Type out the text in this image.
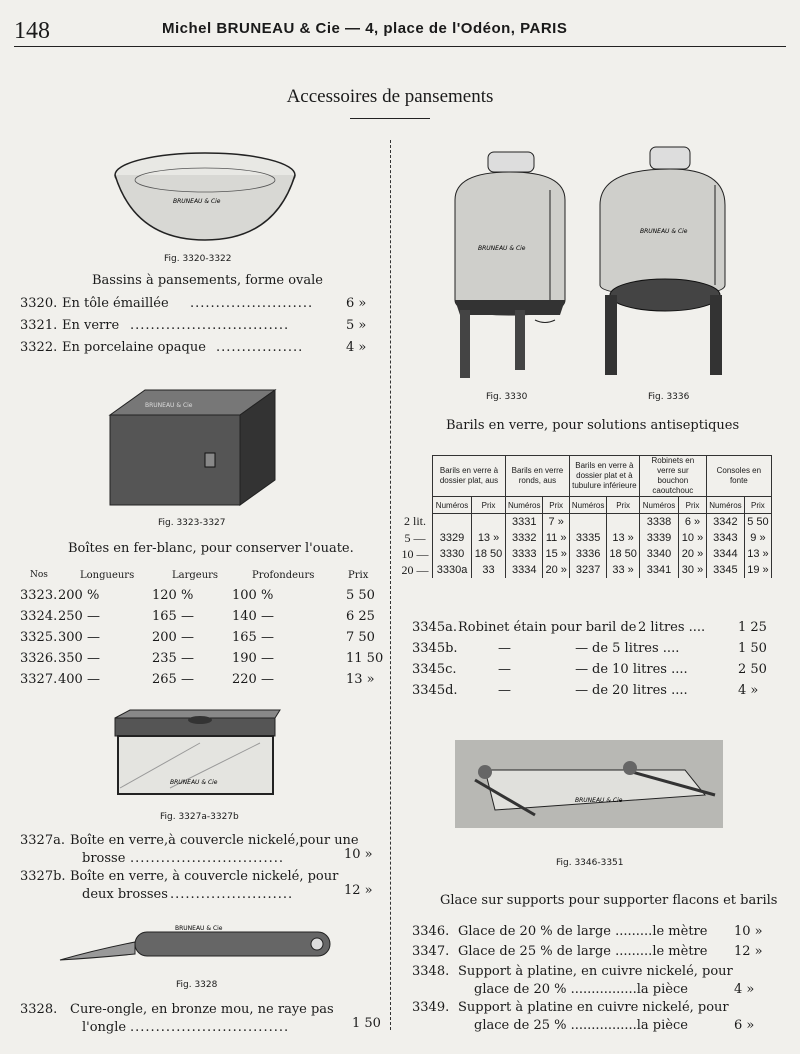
148	Michel BRUNEAU & Cie — 4, place de l'Odéon, PARIS
Accessoires de pansements
BRUNEAU & Cie
Fig. 3320-3322
Bassins à pansements, forme ovale
3320. En tôle émaillée ........................	6 »
3321. En verre ...............................	5 »
3322. En porcelaine opaque .................	4 »
BRUNEAU & Cie
Fig. 3323-3327
Boîtes en fer-blanc, pour conserver l'ouate.
Nos	Longueurs	Largeurs	Profondeurs	Prix
3323. 200 %	120 %	100 %	5 50
3324. 250 —	165 —	140 —	6 25
3325. 300 —	200 —	165 —	7 50
3326. 350 —	235 —	190 —	11 50
3327. 400 —	265 —	220 —	13 »
BRUNEAU & Cie
Fig. 3327a-3327b
3327a. Boîte en verre,à couvercle nickelé,pour une
brosse ..............................	10 »
3327b. Boîte en verre, à couvercle nickelé, pour
deux brosses ........................	12 »
BRUNEAU & Cie
Fig. 3328
3328. Cure-ongle, en bronze mou, ne raye pas
l'ongle ...............................	1 50
BRUNEAU & Cie
BRUNEAU & Cie
Fig. 3330	Fig. 3336
Barils en verre, pour solutions antiseptiques
	Barils en verre à dossier plat, aus		Barils en verre ronds, aus		Barils en verre à dossier plat et à tubulure inférieure		Robinets en verre sur bouchon caoutchouc		Consoles en fonte	
	Numéros	Prix	Numéros	Prix	Numéros	Prix	Numéros	Prix	Numéros	Prix
2 lit.			3331	7 »			3338	6 »	3342	5 50
5 —	3329	13 »	3332	11 »	3335	13 »	3339	10 »	3343	9 »
10 —	3330	18 50	3333	15 »	3336	18 50	3340	20 »	3344	13 »
20 —	3330a	33	3334	20 »	3237	33 »	3341	30 »	3345	19 »
3345a. Robinet étain pour baril de 2 litres ....	1 25
3345b.	— — de 5 litres ....	1 50
3345c.	— — de 10 litres ....	2 50
3345d.	— — de 20 litres ....	4 »
BRUNEAU & Cie
Fig. 3346-3351
Glace sur supports pour supporter flacons et barils
3346. Glace de 20 % de large .........le mètre 10 »
3347. Glace de 25 % de large .........le mètre 12 »
3348. Support à platine, en cuivre nickelé, pour
glace de 20 % ................la pièce	4 »
3349. Support à platine en cuivre nickelé, pour
glace de 25 % ................la pièce	6 »
